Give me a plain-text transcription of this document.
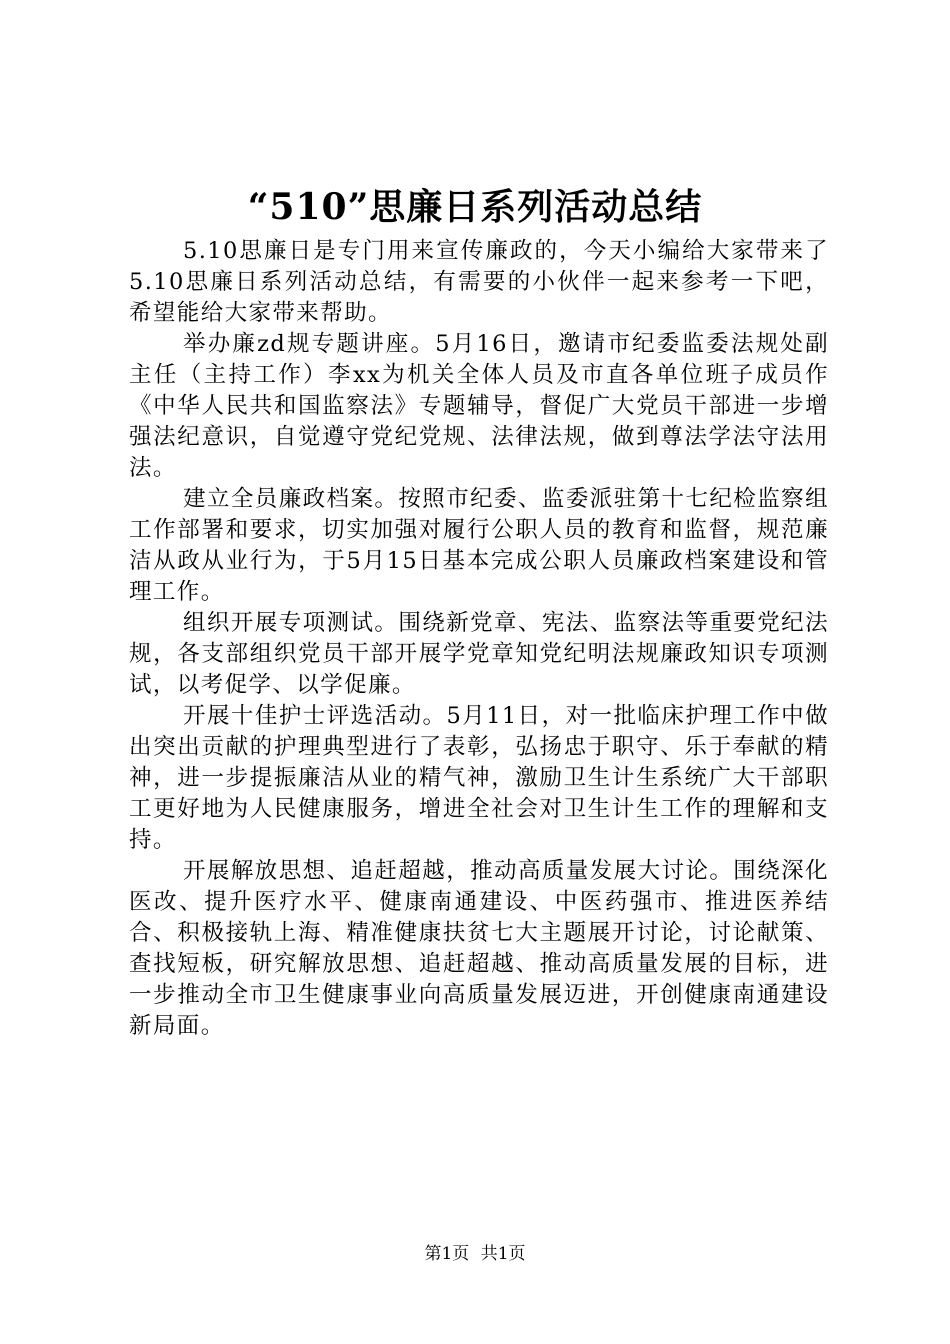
“510”思廉日系列活动总结

5.10思廉日是专门用来宣传廉政的，今天小编给大家带来了5.10思廉日系列活动总结，有需要的小伙伴一起来参考一下吧，希望能给大家带来帮助。

举办廉zd规专题讲座。5月16日，邀请市纪委监委法规处副主任（主持工作）李xx为机关全体人员及市直各单位班子成员作《中华人民共和国监察法》专题辅导，督促广大党员干部进一步增强法纪意识，自觉遵守党纪党规、法律法规，做到尊法学法守法用法。

建立全员廉政档案。按照市纪委、监委派驻第十七纪检监察组工作部署和要求，切实加强对履行公职人员的教育和监督，规范廉洁从政从业行为，于5月15日基本完成公职人员廉政档案建设和管理工作。

组织开展专项测试。围绕新党章、宪法、监察法等重要党纪法规，各支部组织党员干部开展学党章知党纪明法规廉政知识专项测试，以考促学、以学促廉。

开展十佳护士评选活动。5月11日，对一批临床护理工作中做出突出贡献的护理典型进行了表彰，弘扬忠于职守、乐于奉献的精神，进一步提振廉洁从业的精气神，激励卫生计生系统广大干部职工更好地为人民健康服务，增进全社会对卫生计生工作的理解和支持。

开展解放思想、追赶超越，推动高质量发展大讨论。围绕深化医改、提升医疗水平、健康南通建设、中医药强市、推进医养结合、积极接轨上海、精准健康扶贫七大主题展开讨论，讨论献策、查找短板，研究解放思想、追赶超越、推动高质量发展的目标，进一步推动全市卫生健康事业向高质量发展迈进，开创健康南通建设新局面。

第1页 共1页
